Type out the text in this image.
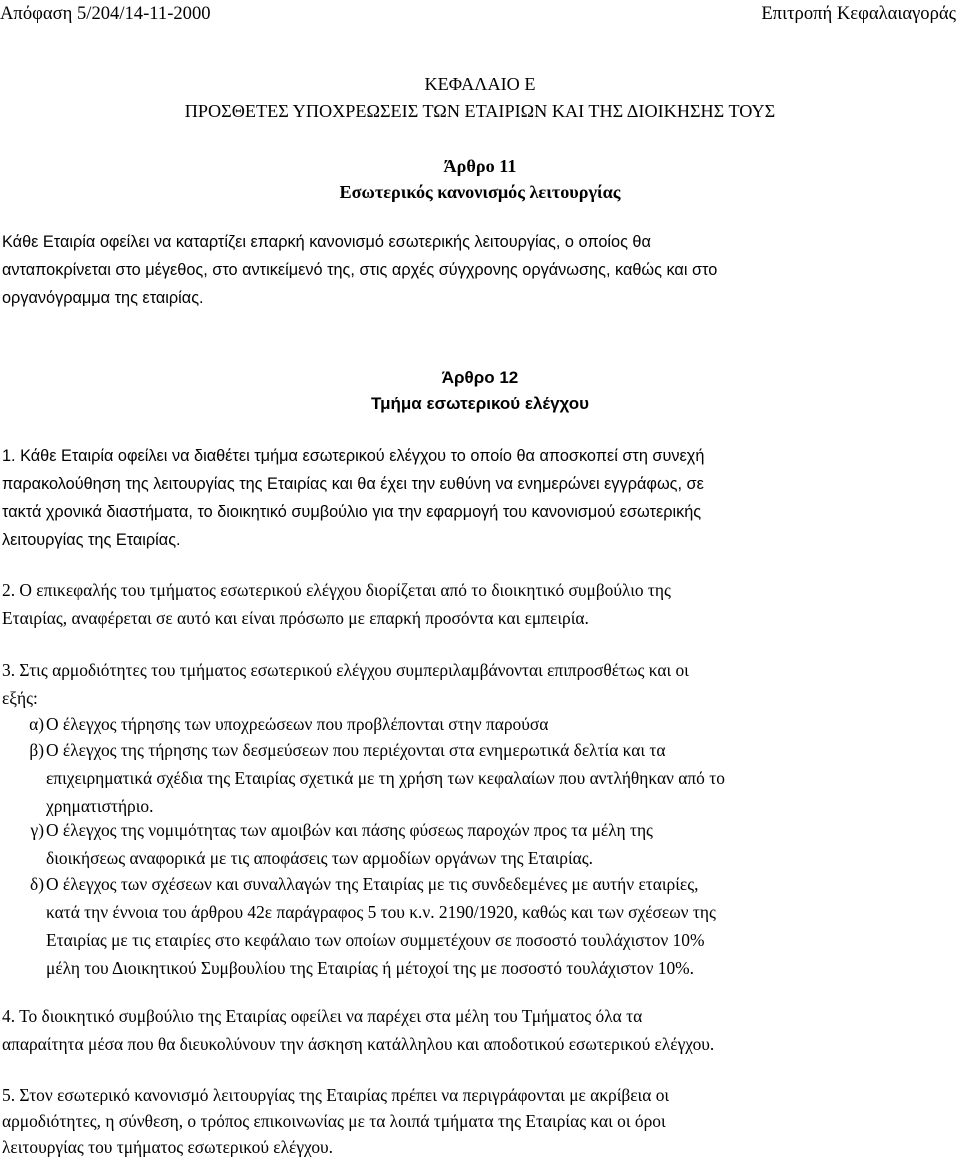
Απόφαση 5/204/14-11-2000	Επιτροπή Κεφαλαιαγοράς
ΚΕΦΑΛΑΙΟ Ε
ΠΡΟΣΘΕΤΕΣ ΥΠΟΧΡΕΩΣΕΙΣ ΤΩΝ ΕΤΑΙΡΙΩΝ ΚΑΙ ΤΗΣ ΔΙΟΙΚΗΣΗΣ ΤΟΥΣ
Άρθρο 11
Εσωτερικός κανονισμός λειτουργίας
Κάθε Εταιρία οφείλει να καταρτίζει επαρκή κανονισμό εσωτερικής λειτουργίας, ο οποίος θα
ανταποκρίνεται στο μέγεθος, στο αντικείμενό της, στις αρχές σύγχρονης οργάνωσης, καθώς και στο
οργανόγραμμα της εταιρίας.
Άρθρο 12
Τμήμα εσωτερικού ελέγχου
1. Κάθε Εταιρία οφείλει να διαθέτει τμήμα εσωτερικού ελέγχου το οποίο θα αποσκοπεί στη συνεχή
παρακολούθηση της λειτουργίας της Εταιρίας και θα έχει την ευθύνη να ενημερώνει εγγράφως, σε
τακτά χρονικά διαστήματα, το διοικητικό συμβούλιο για την εφαρμογή του κανονισμού εσωτερικής
λειτουργίας της Εταιρίας.
2. Ο επικεφαλής του τμήματος εσωτερικού ελέγχου διορίζεται από το διοικητικό συμβούλιο της
Εταιρίας, αναφέρεται σε αυτό και είναι πρόσωπο με επαρκή προσόντα και εμπειρία.
3. Στις αρμοδιότητες του τμήματος εσωτερικού ελέγχου συμπεριλαμβάνονται επιπροσθέτως και οι
εξής:
α) Ο έλεγχος τήρησης των υποχρεώσεων που προβλέπονται στην παρούσα
β) Ο έλεγχος της τήρησης των δεσμεύσεων που περιέχονται στα ενημερωτικά δελτία και τα
επιχειρηματικά σχέδια της Εταιρίας σχετικά με τη χρήση των κεφαλαίων που αντλήθηκαν από το
χρηματιστήριο.
γ) Ο έλεγχος της νομιμότητας των αμοιβών και πάσης φύσεως παροχών προς τα μέλη της
διοικήσεως αναφορικά με τις αποφάσεις των αρμοδίων οργάνων της Εταιρίας.
δ) Ο έλεγχος των σχέσεων και συναλλαγών της Εταιρίας με τις συνδεδεμένες με αυτήν εταιρίες,
κατά την έννοια του άρθρου 42ε παράγραφος 5 του κ.ν. 2190/1920, καθώς και των σχέσεων της
Εταιρίας με τις εταιρίες στο κεφάλαιο των οποίων συμμετέχουν σε ποσοστό τουλάχιστον 10%
μέλη του Διοικητικού Συμβουλίου της Εταιρίας ή μέτοχοί της με ποσοστό τουλάχιστον 10%.
4. Το διοικητικό συμβούλιο της Εταιρίας οφείλει να παρέχει στα μέλη του Τμήματος όλα τα
απαραίτητα μέσα που θα διευκολύνουν την άσκηση κατάλληλου και αποδοτικού εσωτερικού ελέγχου.
5. Στον εσωτερικό κανονισμό λειτουργίας της Εταιρίας πρέπει να περιγράφονται με ακρίβεια οι
αρμοδιότητες, η σύνθεση, ο τρόπος επικοινωνίας με τα λοιπά τμήματα της Εταιρίας και οι όροι
λειτουργίας του τμήματος εσωτερικού ελέγχου.
